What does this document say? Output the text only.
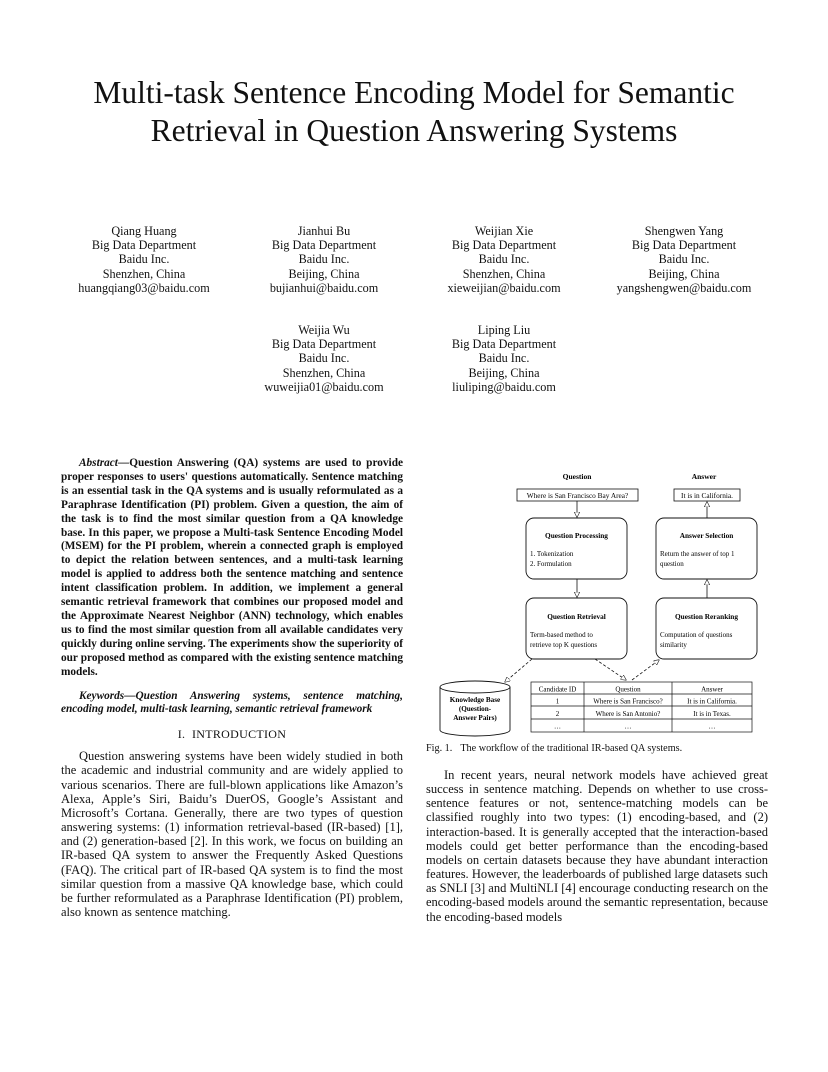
Multi-task Sentence Encoding Model for Semantic Retrieval in Question Answering Systems
Qiang Huang
Big Data Department
Baidu Inc.
Shenzhen, China
huangqiang03@baidu.com
Jianhui Bu
Big Data Department
Baidu Inc.
Beijing, China
bujianhui@baidu.com
Weijian Xie
Big Data Department
Baidu Inc.
Shenzhen, China
xieweijian@baidu.com
Shengwen Yang
Big Data Department
Baidu Inc.
Beijing, China
yangshengwen@baidu.com
Weijia Wu
Big Data Department
Baidu Inc.
Shenzhen, China
wuweijia01@baidu.com
Liping Liu
Big Data Department
Baidu Inc.
Beijing, China
liuliping@baidu.com

Abstract—Question Answering (QA) systems are used to provide proper responses to users' questions automatically. Sentence matching is an essential task in the QA systems and is usually reformulated as a Paraphrase Identification (PI) problem. Given a question, the aim of the task is to find the most similar question from a QA knowledge base. In this paper, we propose a Multi-task Sentence Encoding Model (MSEM) for the PI problem, wherein a connected graph is employed to depict the relation between sentences, and a multi-task learning model is applied to address both the sentence matching and sentence intent classification problem. In addition, we implement a general semantic retrieval framework that combines our proposed model and the Approximate Nearest Neighbor (ANN) technology, which enables us to find the most similar question from all available candidates very quickly during online serving. The experiments show the superiority of our proposed method as compared with the existing sentence matching models.

Keywords—Question Answering systems, sentence matching, encoding model, multi-task learning, semantic retrieval framework

I. INTRODUCTION

Question answering systems have been widely studied in both the academic and industrial community and are widely applied to various scenarios. There are full-blown applications like Amazon’s Alexa, Apple’s Siri, Baidu’s DuerOS, Google’s Assistant and Microsoft’s Cortana. Generally, there are two types of question answering systems: (1) information retrieval-based (IR-based) [1], and (2) generation-based [2]. In this work, we focus on building an IR-based QA system to answer the Frequently Asked Questions (FAQ). The critical part of IR-based QA system is to find the most similar question from a massive QA knowledge base, which could be further reformulated as a Paraphrase Identification (PI) problem, also known as sentence matching.

Question	Answer
Where is San Francisco Bay Area?	It is in California.
Question Processing
1. Tokenization
2. Formulation
Answer Selection
Return the answer of top 1
question
Question Retrieval
Term-based method to
retrieve top K questions
Question Reranking
Computation of questions
similarity
Knowledge Base
(Question-
Answer Pairs)
Candidate ID	Question	Answer
1	Where is San Francisco?	It is in California.
2	Where is San Antonio?	It is in Texas.
…	…	…
Fig. 1. The workflow of the traditional IR-based QA systems.

In recent years, neural network models have achieved great success in sentence matching. Depends on whether to use cross-sentence features or not, sentence-matching models can be classified roughly into two types: (1) encoding-based, and (2) interaction-based. It is generally accepted that the interaction-based models could get better performance than the encoding-based models on certain datasets because they have abundant interaction features. However, the leaderboards of published large datasets such as SNLI [3] and MultiNLI [4] encourage conducting research on the encoding-based models around the semantic representation, because the encoding-based models
